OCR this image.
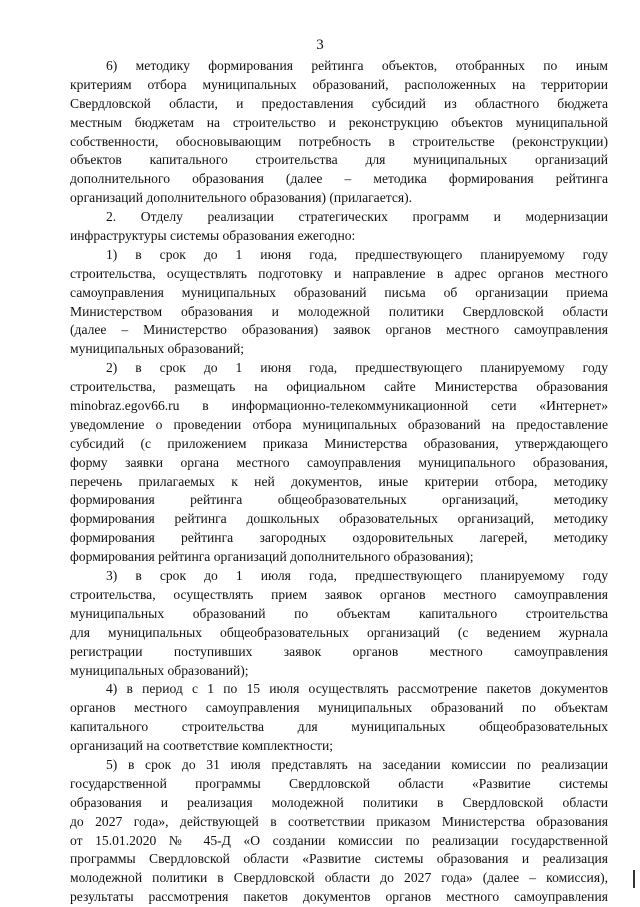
3
6) методику формирования рейтинга объектов, отобранных по иным
критериям отбора муниципальных образований, расположенных на территории
Свердловской области, и предоставления субсидий из областного бюджета
местным бюджетам на строительство и реконструкцию объектов муниципальной
собственности, обосновывающим потребность в строительстве (реконструкции)
объектов капитального строительства для муниципальных организаций
дополнительного образования (далее – методика формирования рейтинга
организаций дополнительного образования) (прилагается).
2. Отделу реализации стратегических программ и модернизации
инфраструктуры системы образования ежегодно:
1) в срок до 1 июня года, предшествующего планируемому году
строительства, осуществлять подготовку и направление в адрес органов местного
самоуправления муниципальных образований письма об организации приема
Министерством образования и молодежной политики Свердловской области
(далее – Министерство образования) заявок органов местного самоуправления
муниципальных образований;
2) в срок до 1 июня года, предшествующего планируемому году
строительства, размещать на официальном сайте Министерства образования
minobraz.egov66.ru в информационно-телекоммуникационной сети «Интернет»
уведомление о проведении отбора муниципальных образований на предоставление
субсидий (с приложением приказа Министерства образования, утверждающего
форму заявки органа местного самоуправления муниципального образования,
перечень прилагаемых к ней документов, иные критерии отбора, методику
формирования рейтинга общеобразовательных организаций, методику
формирования рейтинга дошкольных образовательных организаций, методику
формирования рейтинга загородных оздоровительных лагерей, методику
формирования рейтинга организаций дополнительного образования);
3) в срок до 1 июля года, предшествующего планируемому году
строительства, осуществлять прием заявок органов местного самоуправления
муниципальных образований по объектам капитального строительства
для муниципальных общеобразовательных организаций (с ведением журнала
регистрации поступивших заявок органов местного самоуправления
муниципальных образований);
4) в период с 1 по 15 июля осуществлять рассмотрение пакетов документов
органов местного самоуправления муниципальных образований по объектам
капитального строительства для муниципальных общеобразовательных
организаций на соответствие комплектности;
5) в срок до 31 июля представлять на заседании комиссии по реализации
государственной программы Свердловской области «Развитие системы
образования и реализация молодежной политики в Свердловской области
до 2027 года», действующей в соответствии приказом Министерства образования
от 15.01.2020 № 45-Д «О создании комиссии по реализации государственной
программы Свердловской области «Развитие системы образования и реализация
молодежной политики в Свердловской области до 2027 года» (далее – комиссия),
результаты рассмотрения пакетов документов органов местного самоуправления
